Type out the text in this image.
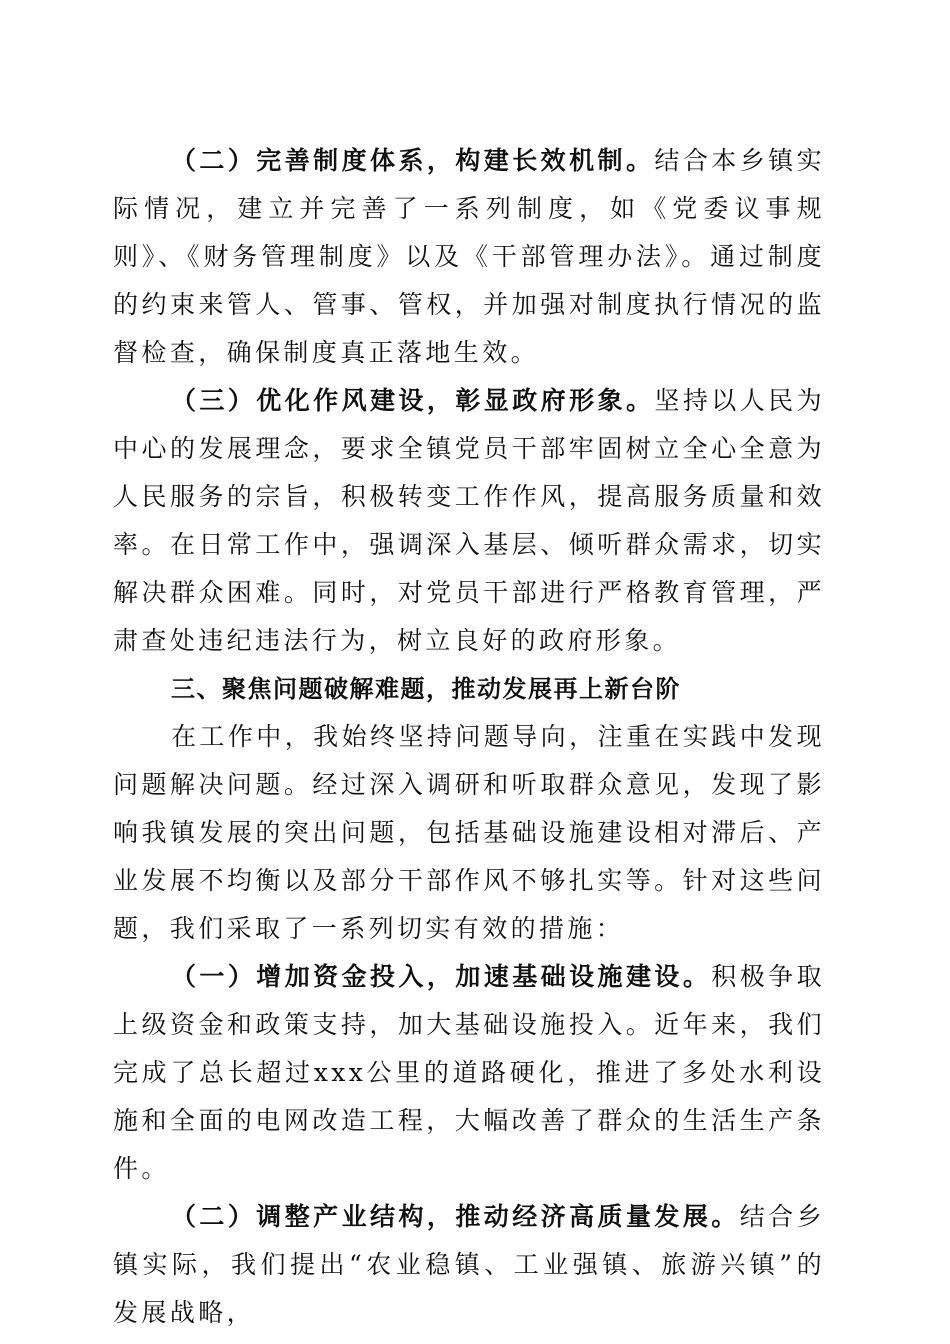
（二）完善制度体系，构建长效机制。结合本乡镇实际情况，建立并完善了一系列制度，如《党委议事规则》、《财务管理制度》以及《干部管理办法》。通过制度的约束来管人、管事、管权，并加强对制度执行情况的监督检查，确保制度真正落地生效。

（三）优化作风建设，彰显政府形象。坚持以人民为中心的发展理念，要求全镇党员干部牢固树立全心全意为人民服务的宗旨，积极转变工作作风，提高服务质量和效率。在日常工作中，强调深入基层、倾听群众需求，切实解决群众困难。同时，对党员干部进行严格教育管理，严肃查处违纪违法行为，树立良好的政府形象。

三、聚焦问题破解难题，推动发展再上新台阶

在工作中，我始终坚持问题导向，注重在实践中发现问题解决问题。经过深入调研和听取群众意见，发现了影响我镇发展的突出问题，包括基础设施建设相对滞后、产业发展不均衡以及部分干部作风不够扎实等。针对这些问题，我们采取了一系列切实有效的措施：

（一）增加资金投入，加速基础设施建设。积极争取上级资金和政策支持，加大基础设施投入。近年来，我们完成了总长超过xxx公里的道路硬化，推进了多处水利设施和全面的电网改造工程，大幅改善了群众的生活生产条件。

（二）调整产业结构，推动经济高质量发展。结合乡镇实际，我们提出“农业稳镇、工业强镇、旅游兴镇”的发展战略，
